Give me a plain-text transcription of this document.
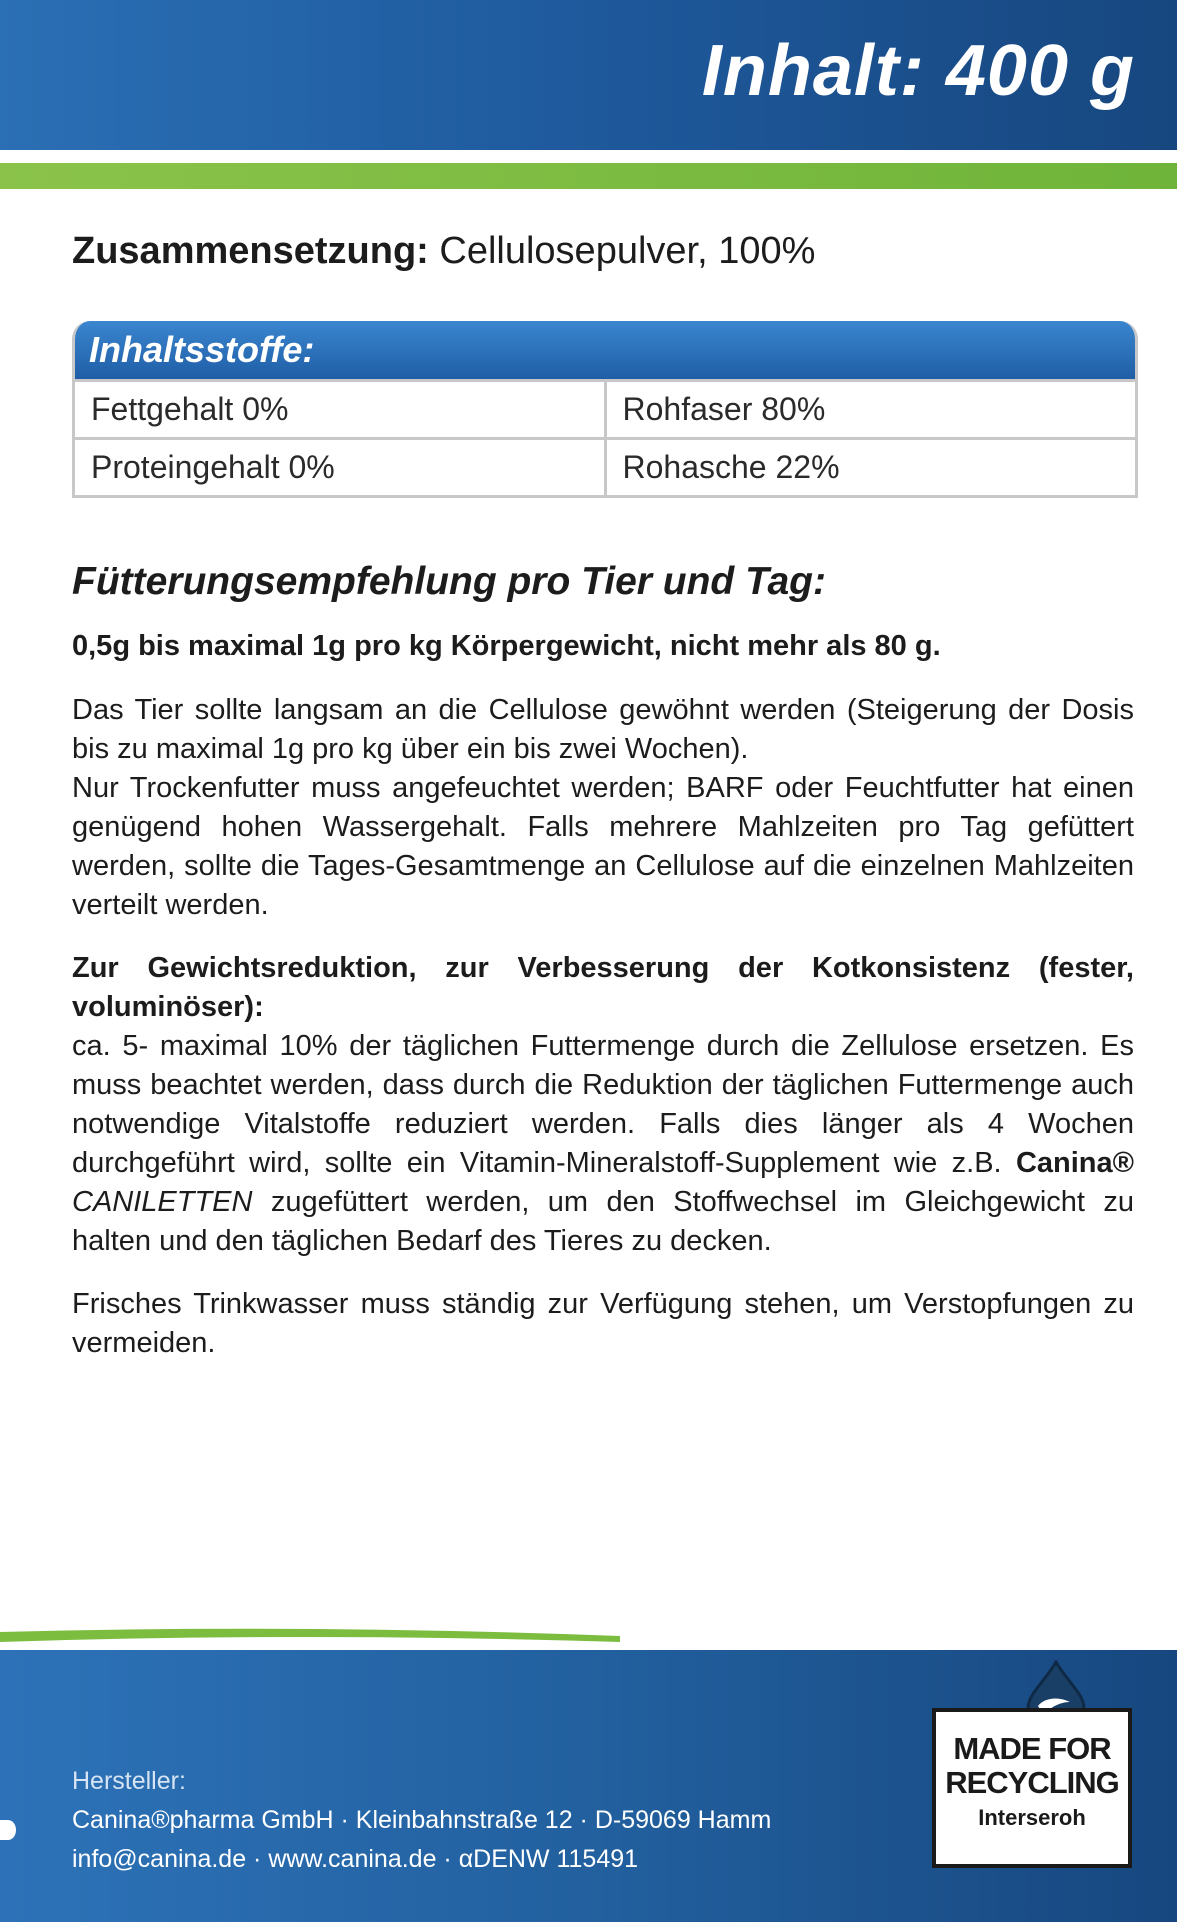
Inhalt: 400 g
Zusammensetzung: Cellulosepulver, 100%
Inhaltsstoffe:
Fettgehalt 0%	Rohfaser 80%
Proteingehalt 0%	Rohasche 22%
Fütterungsempfehlung pro Tier und Tag:
0,5g bis maximal 1g pro kg Körpergewicht, nicht mehr als 80 g.
Das Tier sollte langsam an die Cellulose gewöhnt werden (Steigerung der Dosis bis zu maximal 1g pro kg über ein bis zwei Wochen).
Nur Trockenfutter muss angefeuchtet werden; BARF oder Feuchtfutter hat einen genügend hohen Wassergehalt. Falls mehrere Mahlzeiten pro Tag gefüttert werden, sollte die Tages-Gesamtmenge an Cellulose auf die einzelnen Mahlzeiten verteilt werden.
Zur Gewichtsreduktion, zur Verbesserung der Kotkonsistenz (fester, voluminöser):
ca. 5- maximal 10% der täglichen Futtermenge durch die Zellulose ersetzen. Es muss beachtet werden, dass durch die Reduktion der täglichen Futtermenge auch notwendige Vitalstoffe reduziert werden. Falls dies länger als 4 Wochen durchgeführt wird, sollte ein Vitamin-Mineralstoff-Supplement wie z.B. Canina® CANILETTEN zugefüttert werden, um den Stoffwechsel im Gleichgewicht zu halten und den täglichen Bedarf des Tieres zu decken.
Frisches Trinkwasser muss ständig zur Verfügung stehen, um Verstopfungen zu vermeiden.
MADE FOR
RECYCLING
Interseroh
Hersteller:
Canina®pharma GmbH · Kleinbahnstraße 12 · D-59069 Hamm
info@canina.de · www.canina.de · αDENW 115491
